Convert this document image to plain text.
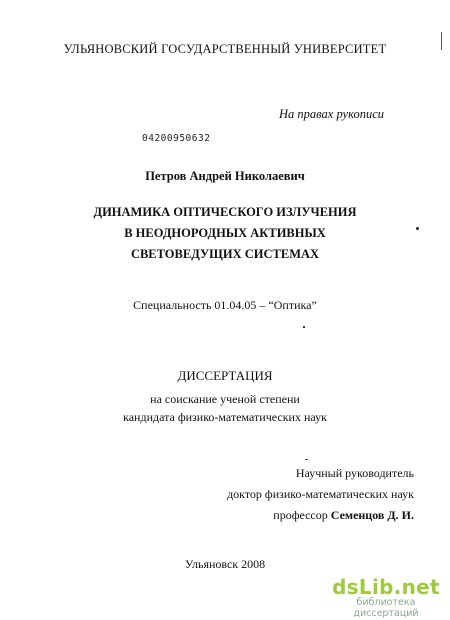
УЛЬЯНОВСКИЙ ГОСУДАРСТВЕННЫЙ УНИВЕРСИТЕТ
На правах рукописи
04200950632
Петров Андрей Николаевич
ДИНАМИКА ОПТИЧЕСКОГО ИЗЛУЧЕНИЯ
В НЕОДНОРОДНЫХ АКТИВНЫХ
СВЕТОВЕДУЩИХ СИСТЕМАХ
Специальность 01.04.05 – “Оптика”
ДИССЕРТАЦИЯ
на соискание ученой степени
кандидата физико-математических наук
Научный руководитель
доктор физико-математических наук
профессор Семенцов Д. И.
Ульяновск 2008
dsLib.net
библиотека диссертаций
